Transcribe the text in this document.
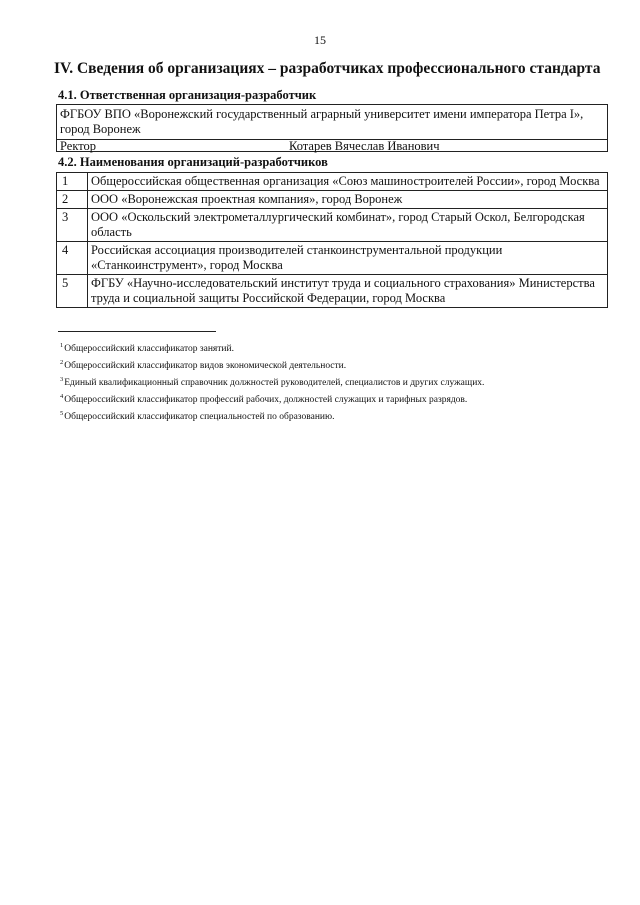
15
IV. Сведения об организациях – разработчиках профессионального стандарта
4.1. Ответственная организация-разработчик
ФГБОУ ВПО «Воронежский государственный аграрный университет имени императора Петра I», город Воронеж
Ректор	Котарев Вячеслав Иванович
4.2. Наименования организаций-разработчиков
1	Общероссийская общественная организация «Союз машиностроителей России», город Москва
2	ООО «Воронежская проектная компания», город Воронеж
3	ООО «Оскольский электрометаллургический комбинат», город Старый Оскол, Белгородская область
4	Российская ассоциация производителей станкоинструментальной продукции «Станкоинструмент», город Москва
5	ФГБУ «Научно-исследовательский институт труда и социального страхования» Министерства труда и социальной защиты Российской Федерации, город Москва
$^1$Общероссийский классификатор занятий.
$^2$Общероссийский классификатор видов экономической деятельности.
$^3$Единый квалификационный справочник должностей руководителей, специалистов и других служащих.
$^4$Общероссийский классификатор профессий рабочих, должностей служащих и тарифных разрядов.
$^5$Общероссийский классификатор специальностей по образованию.
